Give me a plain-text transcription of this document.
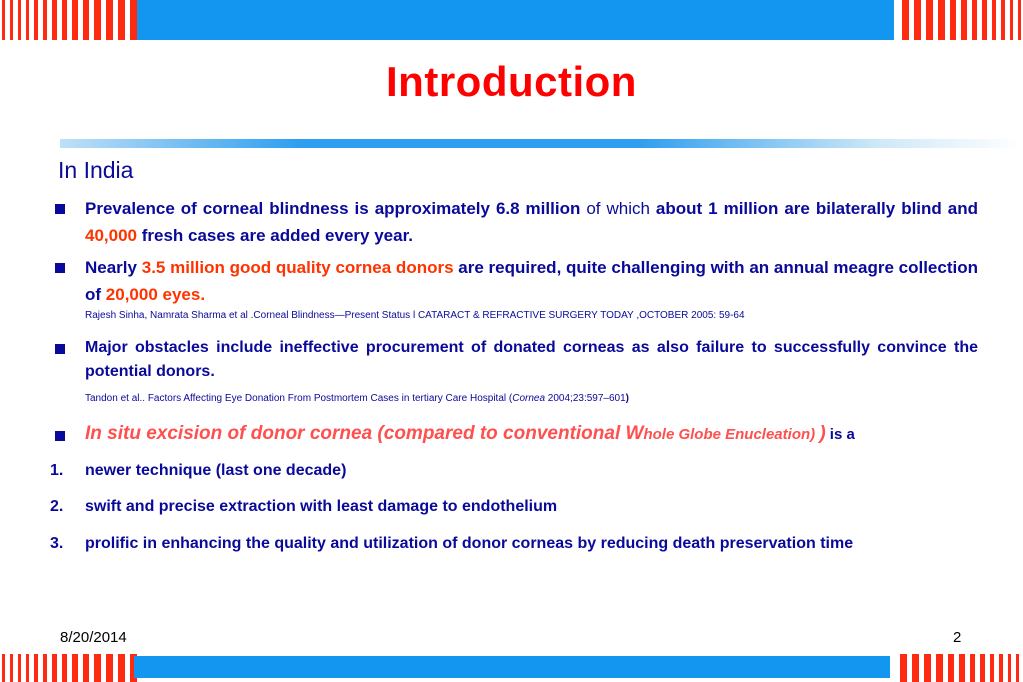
Introduction
In India
Prevalence of corneal blindness is approximately 6.8 million of which about 1 million are bilaterally blind and 40,000 fresh cases are added every year.
Nearly 3.5 million good quality cornea donors are required, quite challenging with an annual meagre collection of 20,000 eyes.
Rajesh Sinha, Namrata Sharma et al .Corneal Blindness—Present Status l CATARACT & REFRACTIVE SURGERY TODAY ,OCTOBER 2005: 59-64
Major obstacles include ineffective procurement of donated corneas as also failure to successfully convince the potential donors.
Tandon et al.. Factors Affecting Eye Donation From Postmortem Cases in tertiary Care Hospital (Cornea 2004;23:597–601)
In situ excision of donor cornea (compared to conventional Whole Globe Enucleation) ) is a
1. newer technique (last one decade)
2. swift and precise extraction with least damage to endothelium
3. prolific in enhancing the quality and utilization of donor corneas by reducing death preservation time
8/20/2014	2
